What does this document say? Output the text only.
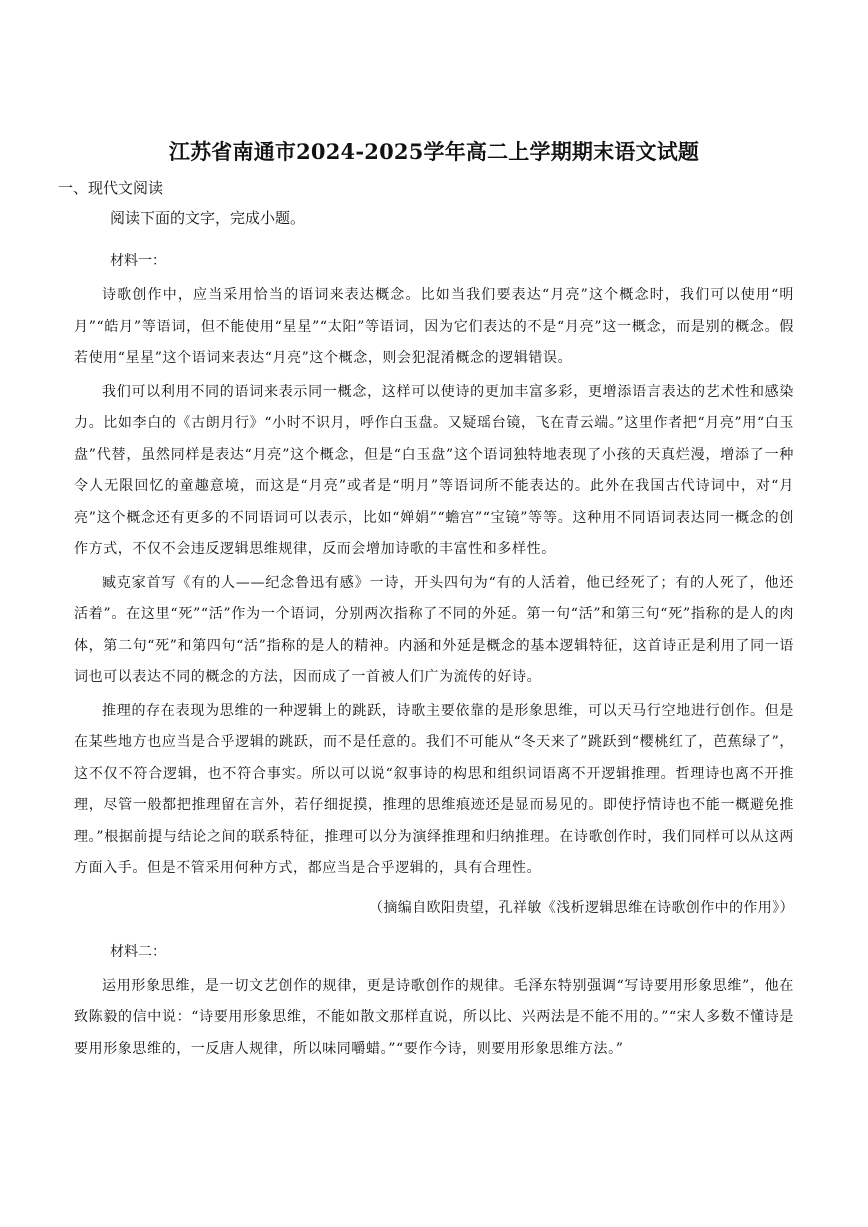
江苏省南通市2024-2025学年高二上学期期末语文试题
一、现代文阅读
阅读下面的文字，完成小题。
材料一：

诗歌创作中，应当采用恰当的语词来表达概念。比如当我们要表达“月亮”这个概念时，我们可以使用“明月”“皓月”等语词，但不能使用“星星”“太阳”等语词，因为它们表达的不是“月亮”这一概念，而是别的概念。假若使用“星星”这个语词来表达“月亮”这个概念，则会犯混淆概念的逻辑错误。

我们可以利用不同的语词来表示同一概念，这样可以使诗的更加丰富多彩，更增添语言表达的艺术性和感染力。比如李白的《古朗月行》“小时不识月，呼作白玉盘。又疑瑶台镜，飞在青云端。”这里作者把“月亮”用“白玉盘”代替，虽然同样是表达“月亮”这个概念，但是“白玉盘”这个语词独特地表现了小孩的天真烂漫，增添了一种令人无限回忆的童趣意境，而这是“月亮”或者是“明月”等语词所不能表达的。此外在我国古代诗词中，对“月亮”这个概念还有更多的不同语词可以表示，比如“婵娟”“蟾宫”“宝镜”等等。这种用不同语词表达同一概念的创作方式，不仅不会违反逻辑思维规律，反而会增加诗歌的丰富性和多样性。

臧克家首写《有的人——纪念鲁迅有感》一诗，开头四句为“有的人活着，他已经死了；有的人死了，他还活着”。在这里“死”“活”作为一个语词，分别两次指称了不同的外延。第一句“活”和第三句“死”指称的是人的肉体，第二句“死”和第四句“活”指称的是人的精神。内涵和外延是概念的基本逻辑特征，这首诗正是利用了同一语词也可以表达不同的概念的方法，因而成了一首被人们广为流传的好诗。

推理的存在表现为思维的一种逻辑上的跳跃，诗歌主要依靠的是形象思维，可以天马行空地进行创作。但是在某些地方也应当是合乎逻辑的跳跃，而不是任意的。我们不可能从“冬天来了”跳跃到“樱桃红了，芭蕉绿了”，这不仅不符合逻辑，也不符合事实。所以可以说“叙事诗的构思和组织词语离不开逻辑推理。哲理诗也离不开推理，尽管一般都把推理留在言外，若仔细捉摸，推理的思维痕迹还是显而易见的。即使抒情诗也不能一概避免推理。”根据前提与结论之间的联系特征，推理可以分为演绎推理和归纳推理。在诗歌创作时，我们同样可以从这两方面入手。但是不管采用何种方式，都应当是合乎逻辑的，具有合理性。

（摘编自欧阳贵望，孔祥敏《浅析逻辑思维在诗歌创作中的作用》）
材料二：

运用形象思维，是一切文艺创作的规律，更是诗歌创作的规律。毛泽东特别强调“写诗要用形象思维”，他在致陈毅的信中说：“诗要用形象思维，不能如散文那样直说，所以比、兴两法是不能不用的。”“宋人多数不懂诗是要用形象思维的，一反唐人规律，所以味同嚼蜡。”“要作今诗，则要用形象思维方法。”
